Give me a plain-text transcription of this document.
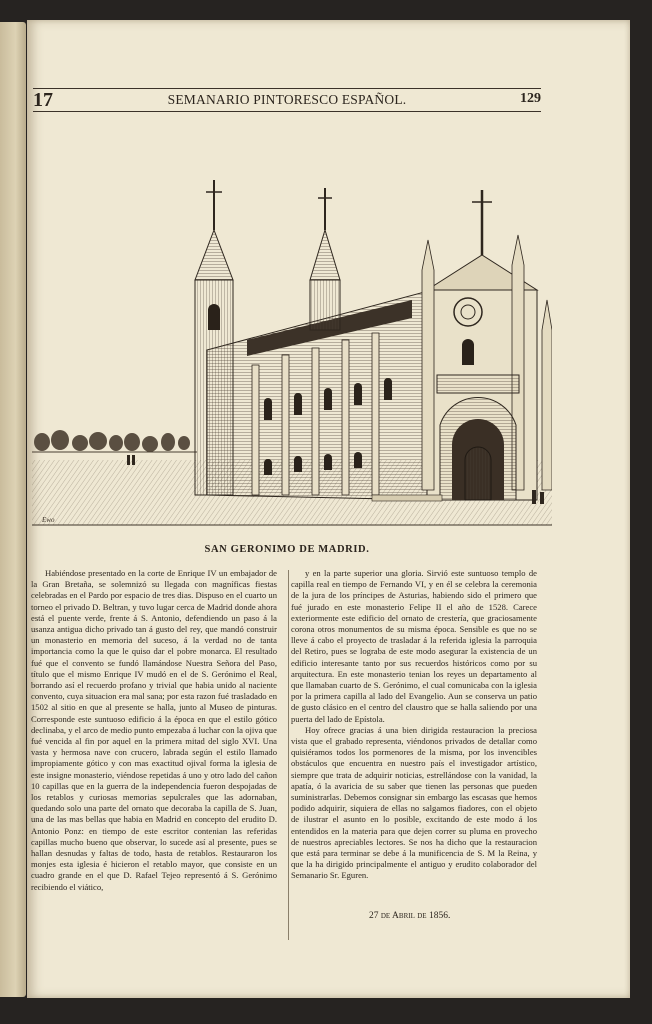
17	SEMANARIO PINTORESCO ESPAÑOL.	129
Ewo
SAN GERONIMO DE MADRID.

Habiéndose presentado en la corte de Enrique IV un embajador de la Gran Bretaña, se solemnizó su llegada con magníficas fiestas celebradas en el Pardo por espacio de tres dias. Dispuso en el cuarto un torneo el privado D. Beltran, y tuvo lugar cerca de Madrid donde ahora está el puente verde, frente á S. Antonio, defendiendo un paso á la usanza antigua dicho privado tan á gusto del rey, que mandó construir un monasterio en memoria del suceso, á la verdad no de tanta importancia como la que le quiso dar el pobre monarca. El resultado fué que el convento se fundó llamándose Nuestra Señora del Paso, título que el mismo Enrique IV mudó en el de S. Gerónimo el Real, borrando así el recuerdo profano y trivial que habia unido al naciente convento, cuya situacion era mal sana; por esta razon fué trasladado en 1502 al sitio en que al presente se halla, junto al Museo de pinturas. Corresponde este suntuoso edificio á la época en que el estilo gótico declinaba, y el arco de medio punto empezaba á luchar con la ojiva que fué vencida al fin por aquel en la primera mitad del siglo XVI. Una vasta y hermosa nave con crucero, labrada según el estilo llamado impropiamente gótico y con mas exactitud ojival forma la iglesia de este insigne monasterio, viéndose repetidas á uno y otro lado del cañon 10 capillas que en la guerra de la independencia fueron despojadas de los retablos y curiosas memorias sepulcrales que las adornaban, quedando solo una parte del ornato que decoraba la capilla de S. Juan, una de las mas bellas que habia en Madrid en concepto del erudito D. Antonio Ponz: en tiempo de este escritor contenian las referidas capillas mucho bueno que observar, lo sucede así al presente, pues se hallan desnudas y faltas de todo, hasta de retablos. Restauraron los monjes esta iglesia é hicieron el retablo mayor, que consiste en un cuadro grande en el que D. Rafael Tejeo representó á S. Gerónimo recibiendo el viático,

y en la parte superior una gloria. Sirvió este suntuoso templo de capilla real en tiempo de Fernando VI, y en él se celebra la ceremonia de la jura de los príncipes de Asturias, habiendo sido el primero que fué jurado en este monasterio Felipe II el año de 1528. Carece exteriormente este edificio del ornato de crestería, que graciosamente corona otros monumentos de su misma época. Sensible es que no se lleve á cabo el proyecto de trasladar á la referida iglesia la parroquia del Retiro, pues se lograba de este modo asegurar la existencia de un edificio interesante tanto por sus recuerdos históricos como por su arquitectura. En este monasterio tenian los reyes un departamento al que llamaban cuarto de S. Gerónimo, el cual comunicaba con la iglesia por la primera capilla al lado del Evangelio. Aun se conserva un patio de gusto clásico en el centro del claustro que se halla saliendo por una puerta del lado de Epístola.

Hoy ofrece gracias á una bien dirigida restauracion la preciosa vista que el grabado representa, viéndonos privados de detallar como quisiéramos todos los pormenores de la misma, por los invencibles obstáculos que encuentra en nuestro país el investigador artístico, siempre que trata de adquirir noticias, estrellándose con la vanidad, la apatía, ó la avaricia de su saber que tienen las personas que pueden suministrarlas. Debemos consignar sin embargo las escasas que hemos podido adquirir, siquiera de ellas no salgamos fiadores, con el objeto de ilustrar el asunto en lo posible, excitando de este modo á los entendidos en la materia para que dejen correr su pluma en provecho de nuestros apreciables lectores. Se nos ha dicho que la restauracion que está para terminar se debe á la munificencia de S. M la Reina, y que la ha dirigido principalmente el antiguo y erudito colaborador del Semanario Sr. Eguren.

27 de Abril de 1856.
